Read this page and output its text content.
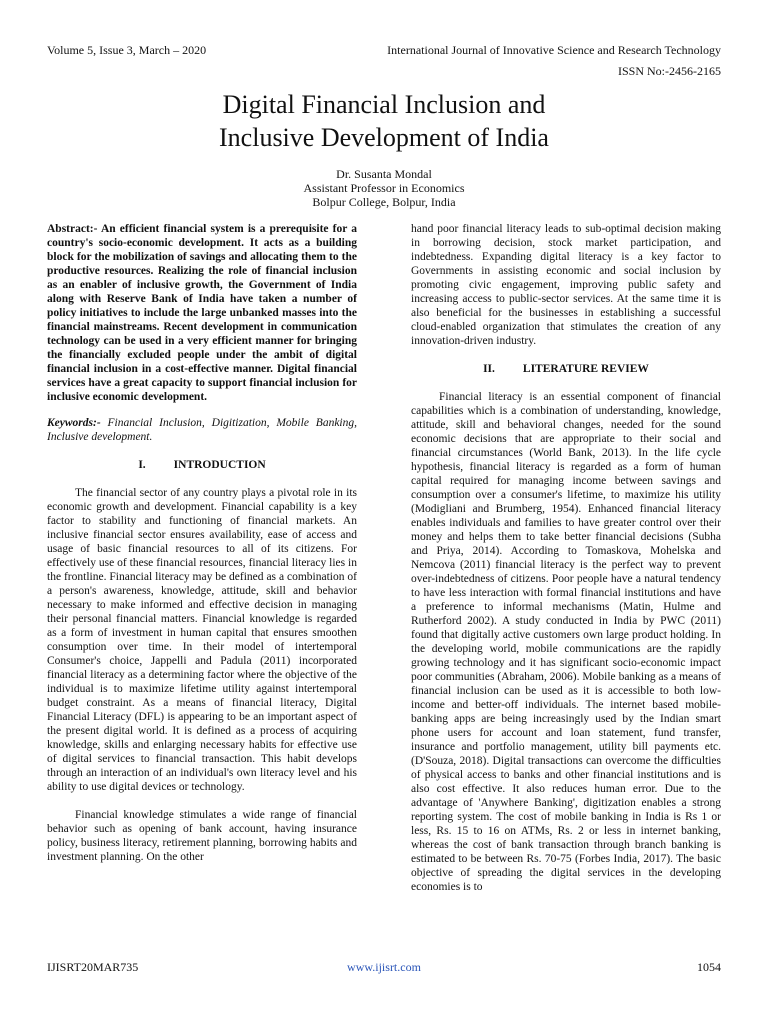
Volume 5, Issue 3, March – 2020	International Journal of Innovative Science and Research Technology
ISSN No:-2456-2165
Digital Financial Inclusion and
Inclusive Development of India
Dr. Susanta Mondal
Assistant Professor in Economics
Bolpur College, Bolpur, India

Abstract:- An efficient financial system is a prerequisite for a country's socio-economic development. It acts as a building block for the mobilization of savings and allocating them to the productive resources. Realizing the role of financial inclusion as an enabler of inclusive growth, the Government of India along with Reserve Bank of India have taken a number of policy initiatives to include the large unbanked masses into the financial mainstreams. Recent development in communication technology can be used in a very efficient manner for bringing the financially excluded people under the ambit of digital financial inclusion in a cost-effective manner. Digital financial services have a great capacity to support financial inclusion for inclusive economic development.

Keywords:- Financial Inclusion, Digitization, Mobile Banking, Inclusive development.

I. INTRODUCTION

The financial sector of any country plays a pivotal role in its economic growth and development. Financial capability is a key factor to stability and functioning of financial markets. An inclusive financial sector ensures availability, ease of access and usage of basic financial resources to all of its citizens. For effectively use of these financial resources, financial literacy lies in the frontline. Financial literacy may be defined as a combination of a person's awareness, knowledge, attitude, skill and behavior necessary to make informed and effective decision in managing their personal financial matters. Financial knowledge is regarded as a form of investment in human capital that ensures smoothen consumption over time. In their model of intertemporal Consumer's choice, Jappelli and Padula (2011) incorporated financial literacy as a determining factor where the objective of the individual is to maximize lifetime utility against intertemporal budget constraint. As a means of financial literacy, Digital Financial Literacy (DFL) is appearing to be an important aspect of the present digital world. It is defined as a process of acquiring knowledge, skills and enlarging necessary habits for effective use of digital services to financial transaction. This habit develops through an interaction of an individual's own literacy level and his ability to use digital devices or technology.

Financial knowledge stimulates a wide range of financial behavior such as opening of bank account, having insurance policy, business literacy, retirement planning, borrowing habits and investment planning. On the other

hand poor financial literacy leads to sub-optimal decision making in borrowing decision, stock market participation, and indebtedness. Expanding digital literacy is a key factor to Governments in assisting economic and social inclusion by promoting civic engagement, improving public safety and increasing access to public-sector services. At the same time it is also beneficial for the businesses in establishing a successful cloud-enabled organization that stimulates the creation of any innovation-driven industry.

II. LITERATURE REVIEW

Financial literacy is an essential component of financial capabilities which is a combination of understanding, knowledge, attitude, skill and behavioral changes, needed for the sound economic decisions that are appropriate to their social and financial circumstances (World Bank, 2013). In the life cycle hypothesis, financial literacy is regarded as a form of human capital required for managing income between savings and consumption over a consumer's lifetime, to maximize his utility (Modigliani and Brumberg, 1954). Enhanced financial literacy enables individuals and families to have greater control over their money and helps them to take better financial decisions (Subha and Priya, 2014). According to Tomaskova, Mohelska and Nemcova (2011) financial literacy is the perfect way to prevent over-indebtedness of citizens. Poor people have a natural tendency to have less interaction with formal financial institutions and have a preference to informal mechanisms (Matin, Hulme and Rutherford 2002). A study conducted in India by PWC (2011) found that digitally active customers own large product holding. In the developing world, mobile communications are the rapidly growing technology and it has significant socio-economic impact poor communities (Abraham, 2006). Mobile banking as a means of financial inclusion can be used as it is accessible to both low-income and better-off individuals. The internet based mobile-banking apps are being increasingly used by the Indian smart phone users for account and loan statement, fund transfer, insurance and portfolio management, utility bill payments etc. (D'Souza, 2018). Digital transactions can overcome the difficulties of physical access to banks and other financial institutions and is also cost effective. It also reduces human error. Due to the advantage of 'Anywhere Banking', digitization enables a strong reporting system. The cost of mobile banking in India is Rs 1 or less, Rs. 15 to 16 on ATMs, Rs. 2 or less in internet banking, whereas the cost of bank transaction through branch banking is estimated to be between Rs. 70-75 (Forbes India, 2017). The basic objective of spreading the digital services in the developing economies is to

IJISRT20MAR735	www.ijisrt.com	1054
